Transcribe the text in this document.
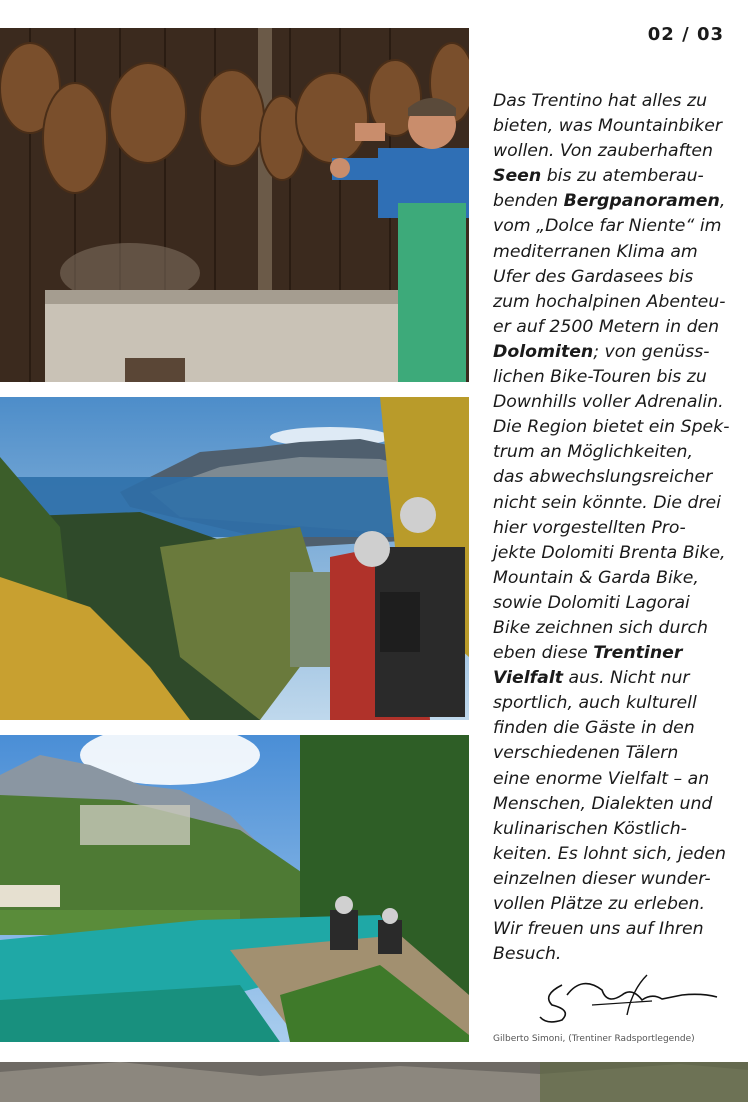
02 / 03

Das Trentino hat alles zu
bieten, was Mountainbiker
wollen. Von zauberhaften
Seen bis zu atemberau-
benden Bergpanoramen,
vom „Dolce far Niente“ im
mediterranen Klima am
Ufer des Gardasees bis
zum hochalpinen Abenteu-
er auf 2500 Metern in den
Dolomiten; von genüss-
lichen Bike-Touren bis zu
Downhills voller Adrenalin.
Die Region bietet ein Spek-
trum an Möglichkeiten,
das abwechslungsreicher
nicht sein könnte. Die drei
hier vorgestellten Pro-
jekte Dolomiti Brenta Bike,
Mountain & Garda Bike,
sowie Dolomiti Lagorai
Bike zeichnen sich durch
eben diese Trentiner
Vielfalt aus. Nicht nur
sportlich, auch kulturell
finden die Gäste in den
verschiedenen Tälern
eine enorme Vielfalt – an
Menschen, Dialekten und
kulinarischen Köstlich-
keiten. Es lohnt sich, jeden
einzelnen dieser wunder-
vollen Plätze zu erleben.
Wir freuen uns auf Ihren
Besuch.

Gilberto Simoni, (Trentiner Radsportlegende)
